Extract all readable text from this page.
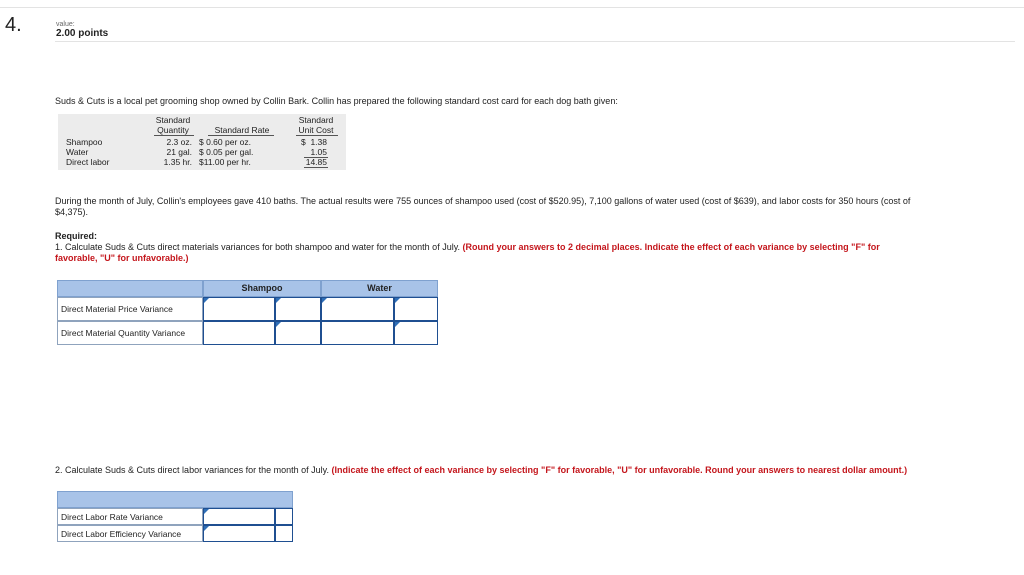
4.	value:
2.00 points
Suds & Cuts is a local pet grooming shop owned by Collin Bark. Collin has prepared the following standard cost card for each dog bath given:
Standard
Quantity	Standard Rate
Standard
Unit Cost
Shampoo	2.3 oz. $ 0.60 per oz.	$  1.38
Water	21 gal. $ 0.05 per gal.	1.05
Direct labor	1.35 hr. $11.00 per hr.	14.85
During the month of July, Collin's employees gave 410 baths. The actual results were 755 ounces of shampoo used (cost of $520.95), 7,100 gallons of water used (cost of $639), and labor costs for 350 hours (cost of
$4,375).
Required:
1. Calculate Suds & Cuts direct materials variances for both shampoo and water for the month of July. (Round your answers to 2 decimal places. Indicate the effect of each variance by selecting "F" for
favorable, "U" for unfavorable.)
Shampoo	Water
Direct Material Price Variance
Direct Material Quantity Variance
2. Calculate Suds & Cuts direct labor variances for the month of July. (Indicate the effect of each variance by selecting "F" for favorable, "U" for unfavorable. Round your answers to nearest dollar amount.)
Direct Labor Rate Variance
Direct Labor Efficiency Variance
